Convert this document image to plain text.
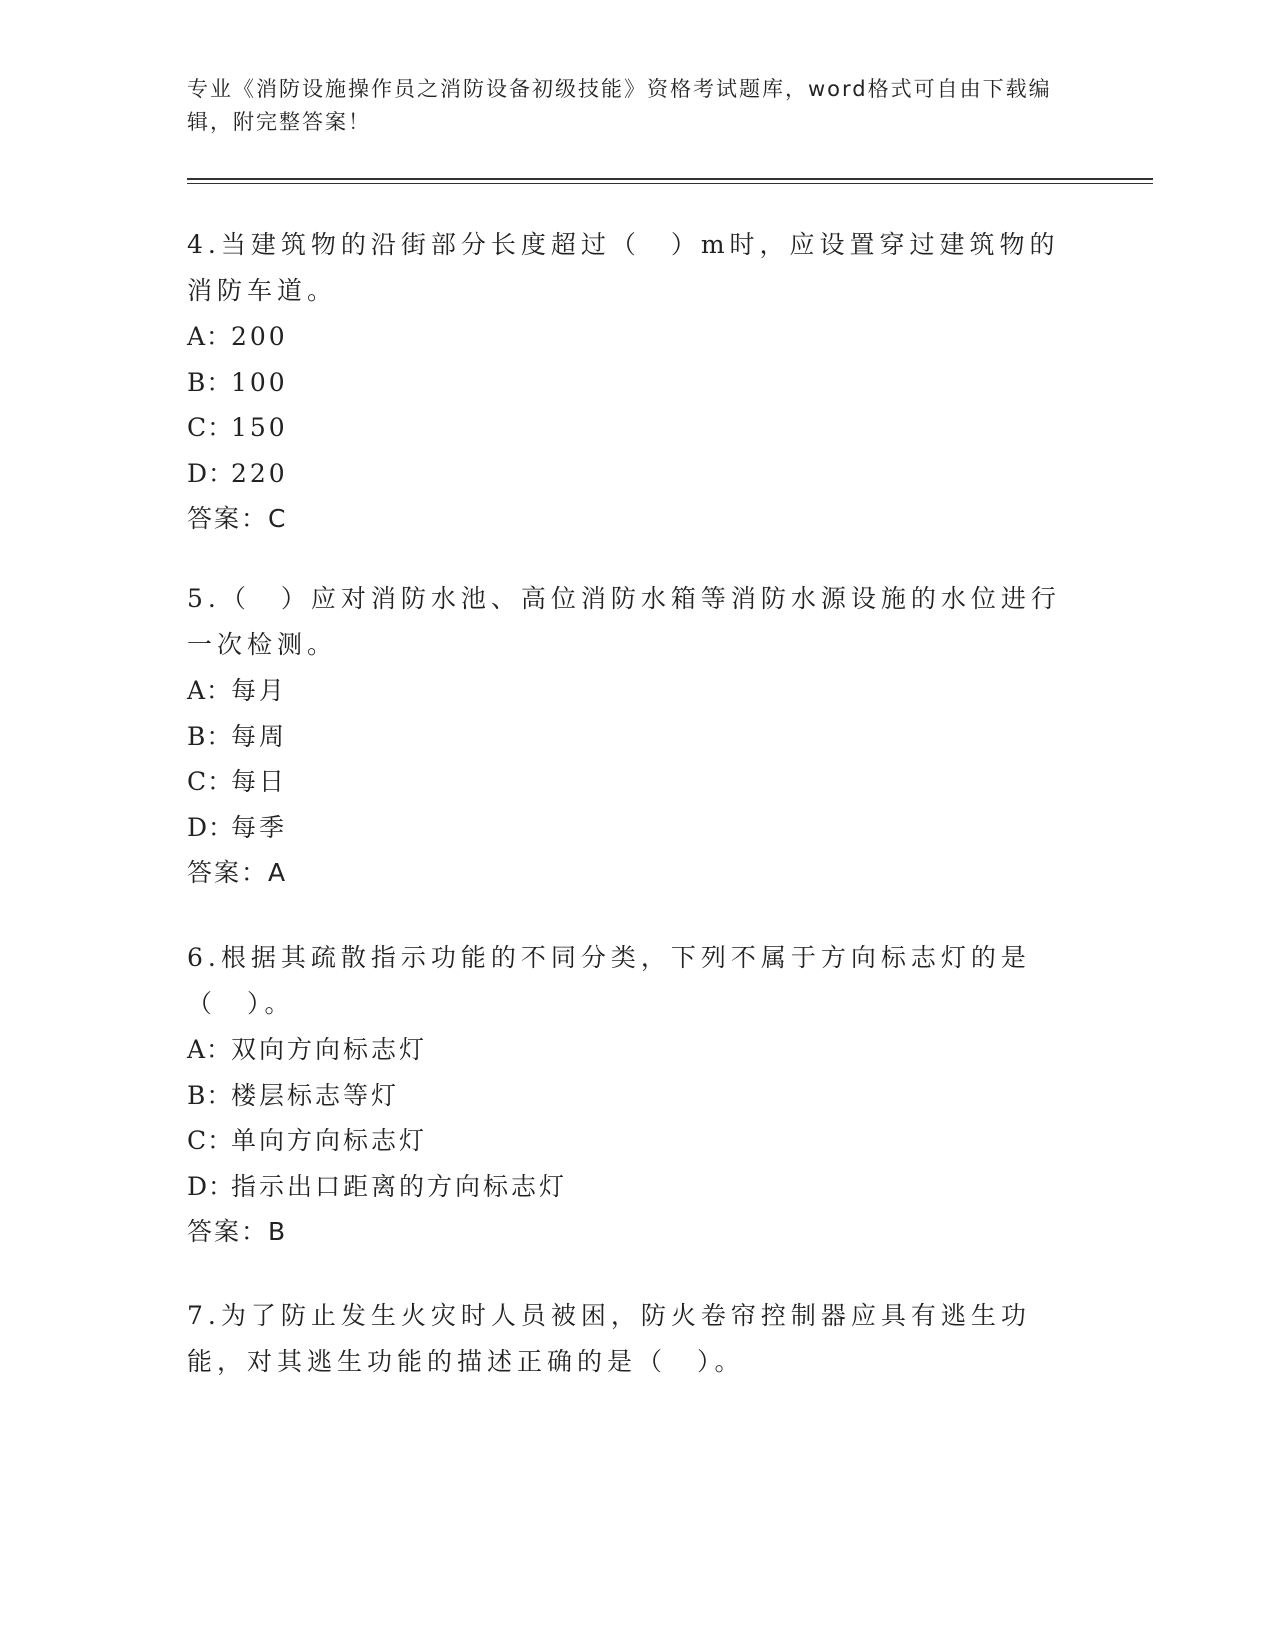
专业《消防设施操作员之消防设备初级技能》资格考试题库，word格式可自由下载编辑，附完整答案！

4.当建筑物的沿街部分长度超过（　）m时，应设置穿过建筑物的消防车道。

A：200

B：100

C：150

D：220

答案：C

5.（　）应对消防水池、高位消防水箱等消防水源设施的水位进行一次检测。

A：每月

B：每周

C：每日

D：每季

答案：A

6.根据其疏散指示功能的不同分类，下列不属于方向标志灯的是（　）。

A：双向方向标志灯

B：楼层标志等灯

C：单向方向标志灯

D：指示出口距离的方向标志灯

答案：B

7.为了防止发生火灾时人员被困，防火卷帘控制器应具有逃生功能，对其逃生功能的描述正确的是（　）。
